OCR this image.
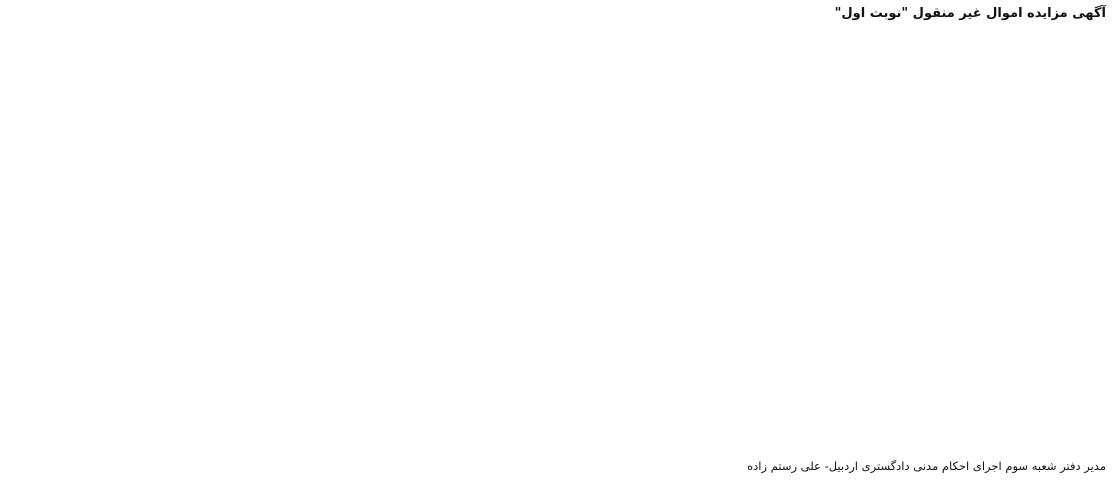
آگهی مزایده اموال غیر منقول "نوبت اول"

مدیر دفتر شعبه سوم اجرای احکام مدنی دادگستری اردبیل- علی رستم زاده
